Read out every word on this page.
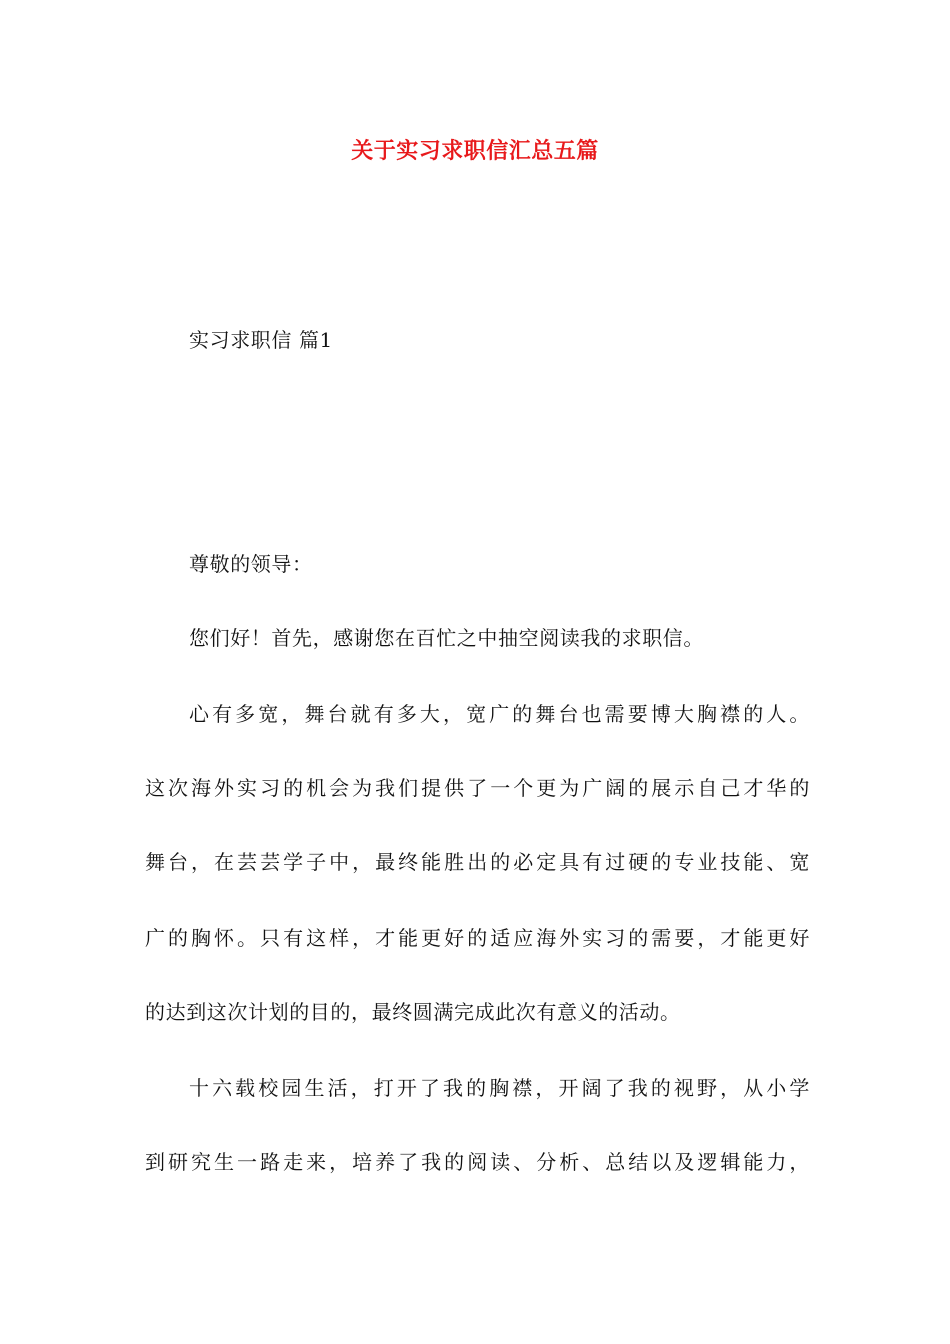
关于实习求职信汇总五篇
实习求职信 篇1
尊敬的领导：
您们好！首先，感谢您在百忙之中抽空阅读我的求职信。
心有多宽，舞台就有多大，宽广的舞台也需要博大胸襟的人。
这次海外实习的机会为我们提供了一个更为广阔的展示自己才华的
舞台，在芸芸学子中，最终能胜出的必定具有过硬的专业技能、宽
广的胸怀。只有这样，才能更好的适应海外实习的需要，才能更好
的达到这次计划的目的，最终圆满完成此次有意义的活动。
十六载校园生活，打开了我的胸襟，开阔了我的视野，从小学
到研究生一路走来，培养了我的阅读、分析、总结以及逻辑能力，
